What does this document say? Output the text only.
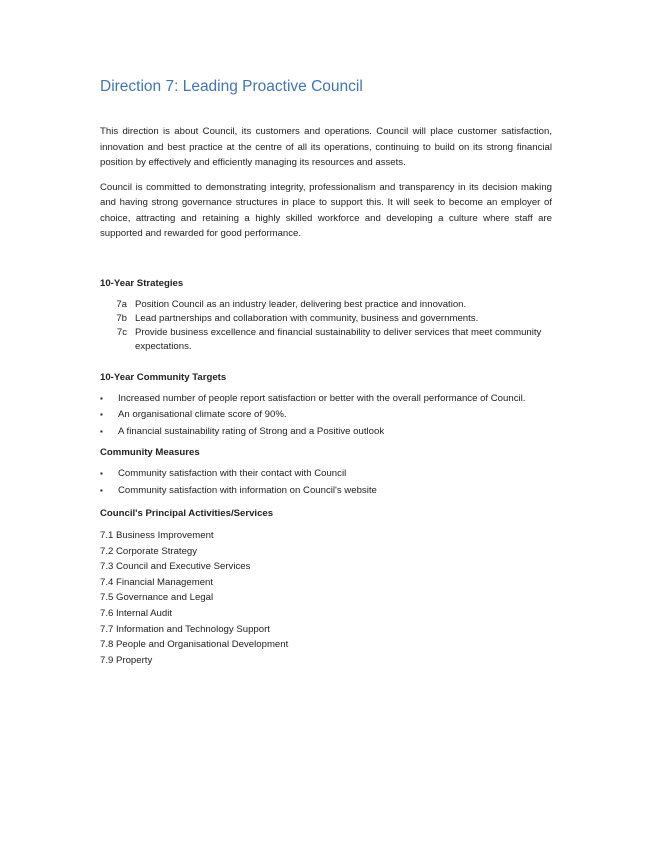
Direction 7: Leading Proactive Council

This direction is about Council, its customers and operations. Council will place customer satisfaction, innovation and best practice at the centre of all its operations, continuing to build on its strong financial position by effectively and efficiently managing its resources and assets.

Council is committed to demonstrating integrity, professionalism and transparency in its decision making and having strong governance structures in place to support this. It will seek to become an employer of choice, attracting and retaining a highly skilled workforce and developing a culture where staff are supported and rewarded for good performance.

10-Year Strategies
7a Position Council as an industry leader, delivering best practice and innovation.
7b Lead partnerships and collaboration with community, business and governments.
7c Provide business excellence and financial sustainability to deliver services that meet community expectations.
10-Year Community Targets
▪	Increased number of people report satisfaction or better with the overall performance of Council.
▪	An organisational climate score of 90%.
▪	A financial sustainability rating of Strong and a Positive outlook
Community Measures
▪	Community satisfaction with their contact with Council
▪	Community satisfaction with information on Council's website
Council's Principal Activities/Services
7.1 Business Improvement
7.2 Corporate Strategy
7.3 Council and Executive Services
7.4 Financial Management
7.5 Governance and Legal
7.6 Internal Audit
7.7 Information and Technology Support
7.8 People and Organisational Development
7.9 Property
